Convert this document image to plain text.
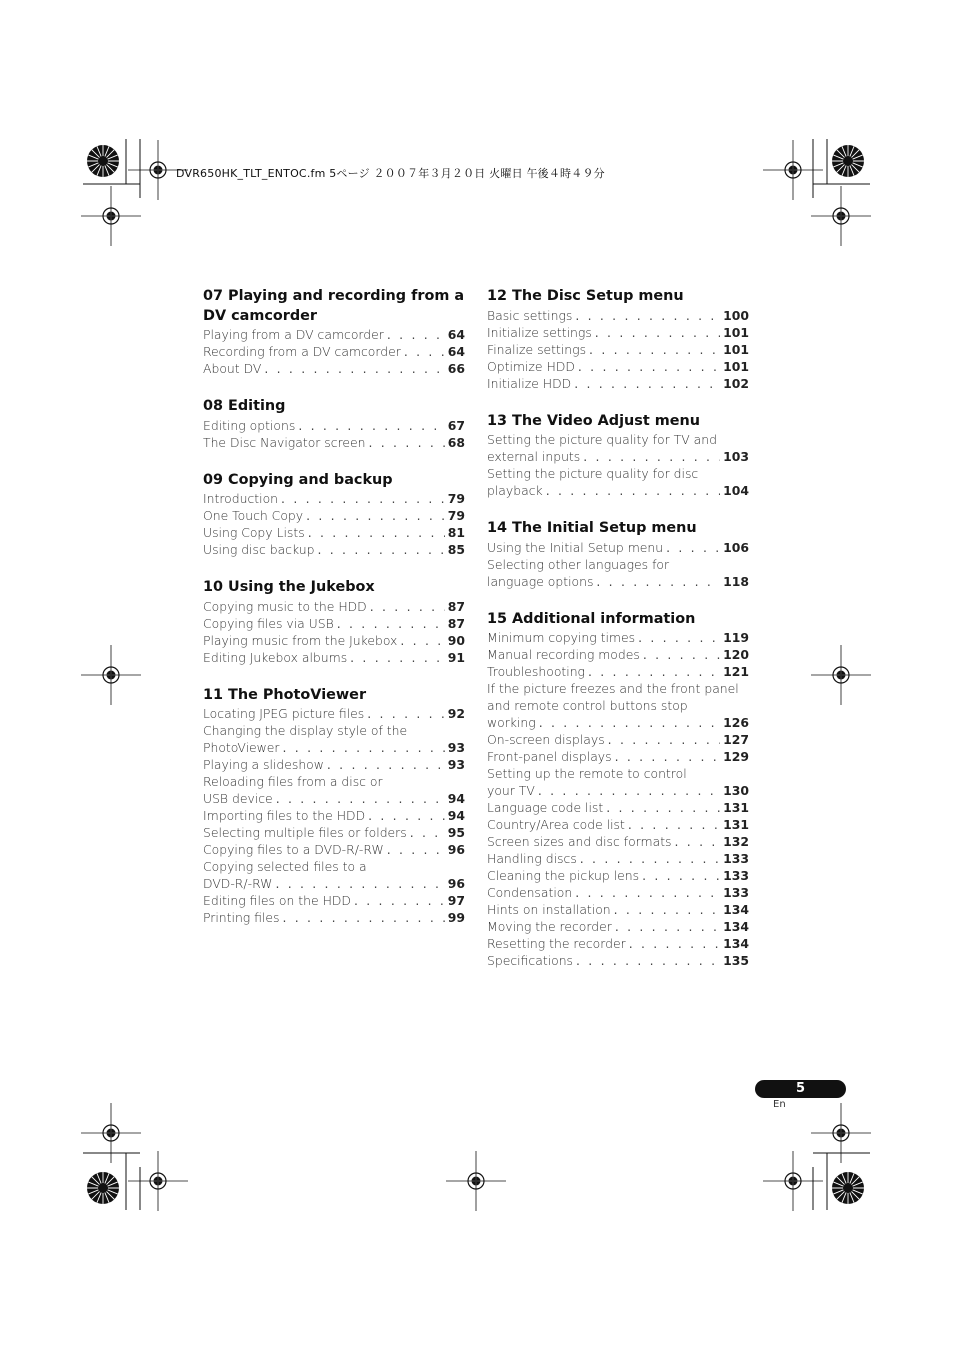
DVR650HK_TLT_ENTOC.fm 5ページ ２００７年３月２０日 火曜日 午後４時４９分
07 Playing and recording from a DV camcorder
Playing from a DV camcorder . . .	64
Recording from a DV camcorder . . .	64
About DV . . .	66
08 Editing
Editing options . . .	67
The Disc Navigator screen . . .	68
09 Copying and backup
Introduction . . .	79
One Touch Copy . . .	79
Using Copy Lists . . .	81
Using disc backup . . .	85
10 Using the Jukebox
Copying music to the HDD . . .	87
Copying files via USB . . .	87
Playing music from the Jukebox . . .	90
Editing Jukebox albums . . .	91
11 The PhotoViewer
Locating JPEG picture files . . .	92
Changing the display style of the
PhotoViewer . . .	93
Playing a slideshow . . .	93
Reloading files from a disc or
USB device . . .	94
Importing files to the HDD . . .	94
Selecting multiple files or folders . . .	95
Copying files to a DVD-R/-RW . . .	96
Copying selected files to a
DVD-R/-RW . . .	96
Editing files on the HDD . . .	97
Printing files . . .	99
12 The Disc Setup menu
Basic settings . . .	100
Initialize settings . . .	101
Finalize settings . . .	101
Optimize HDD . . .	101
Initialize HDD . . .	102
13 The Video Adjust menu
Setting the picture quality for TV and
external inputs . . .	103
Setting the picture quality for disc
playback . . .	104
14 The Initial Setup menu
Using the Initial Setup menu . . .	106
Selecting other languages for
language options . . .	118
15 Additional information
Minimum copying times . . .	119
Manual recording modes . . .	120
Troubleshooting . . .	121
If the picture freezes and the front panel
and remote control buttons stop
working . . .	126
On-screen displays . . .	127
Front-panel displays . . .	129
Setting up the remote to control
your TV . . .	130
Language code list . . .	131
Country/Area code list . . .	131
Screen sizes and disc formats . . .	132
Handling discs . . .	133
Cleaning the pickup lens . . .	133
Condensation . . .	133
Hints on installation . . .	134
Moving the recorder . . .	134
Resetting the recorder . . .	134
Specifications . . .	135
5
En
